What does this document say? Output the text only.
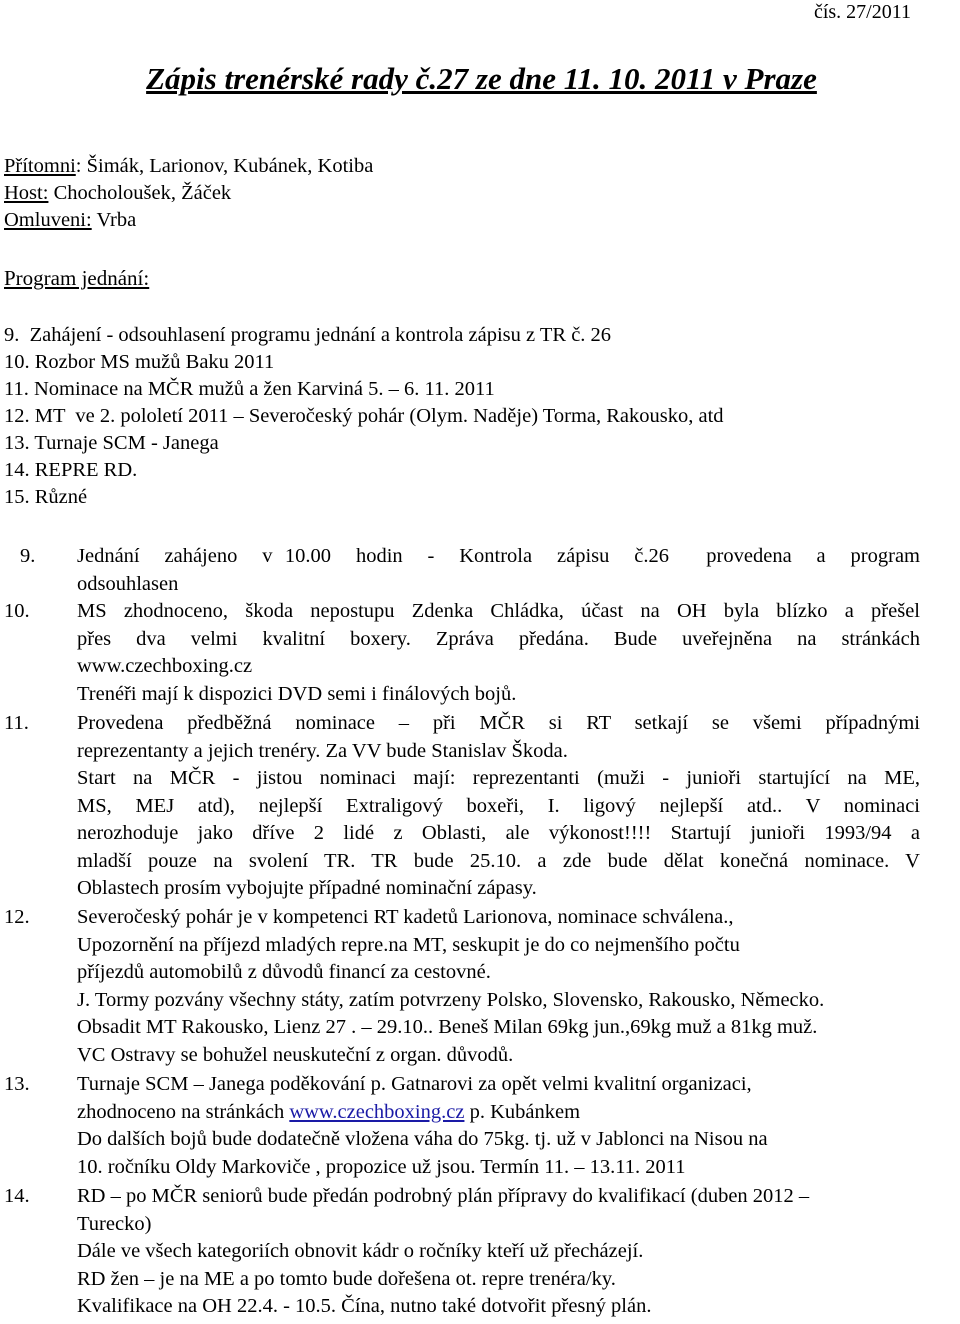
čís. 27/2011
Zápis trenérské rady č.27 ze dne 11. 10. 2011 v Praze
Přítomni: Šimák, Larionov, Kubánek, Kotiba
Host: Chocholoušek, Žáček
Omluveni: Vrba
Program jednání:
9.  Zahájení - odsouhlasení programu jednání a kontrola zápisu z TR č. 26
10. Rozbor MS mužů Baku 2011
11. Nominace na MČR mužů a žen Karviná 5. – 6. 11. 2011
12. MT  ve 2. pololetí 2011 – Severočeský pohár (Olym. Naděje) Torma, Rakousko, atd
13. Turnaje SCM - Janega
14. REPRE RD.
15. Různé
9. Jednání  zahájeno  v 10.00  hodin  -  Kontrola  zápisu  č.26   provedena  a  program
odsouhlasen
10. MS zhodnoceno, škoda nepostupu Zdenka Chládka, účast na OH byla blízko a přešel
přes dva velmi kvalitní boxery. Zpráva předána. Bude uveřejněna na stránkách
www.czechboxing.cz
Trenéři mají k dispozici DVD semi i finálových bojů.
11. Provedena předběžná nominace – při MČR si RT setkají se všemi případnými
reprezentanty a jejich trenéry. Za VV bude Stanislav Škoda.
Start na MČR - jistou nominaci mají: reprezentanti (muži - junioři startující na ME,
MS, MEJ atd), nejlepší Extraligový boxeři, I. ligový nejlepší atd.. V nominaci
nerozhoduje jako dříve 2 lidé z Oblasti, ale výkonost!!!! Startují junioři 1993/94 a
mladší pouze na svolení TR. TR bude 25.10. a zde bude dělat konečná nominace. V
Oblastech prosím vybojujte případné nominační zápasy.
12. Severočeský pohár je v kompetenci RT kadetů Larionova, nominace schválena.,
Upozornění na příjezd mladých repre.na MT, seskupit je do co nejmenšího počtu
příjezdů automobilů z důvodů financí za cestovné.
J. Tormy pozvány všechny státy, zatím potvrzeny Polsko, Slovensko, Rakousko, Německo.
Obsadit MT Rakousko, Lienz 27 . – 29.10.. Beneš Milan 69kg jun.,69kg muž a 81kg muž.
VC Ostravy se bohužel neuskuteční z organ. důvodů.
13. Turnaje SCM – Janega poděkování p. Gatnarovi za opět velmi kvalitní organizaci,
zhodnoceno na stránkách www.czechboxing.cz p. Kubánkem
Do dalších bojů bude dodatečně vložena váha do 75kg. tj. už v Jablonci na Nisou na
10. ročníku Oldy Markoviče , propozice už jsou. Termín 11. – 13.11. 2011
14. RD – po MČR seniorů bude předán podrobný plán přípravy do kvalifikací (duben 2012 –
Turecko)
Dále ve všech kategoriích obnovit kádr o ročníky kteří už přecházejí.
RD žen – je na ME a po tomto bude dořešena ot. repre trenéra/ky.
Kvalifikace na OH 22.4. - 10.5. Čína, nutno také dotvořit přesný plán.
